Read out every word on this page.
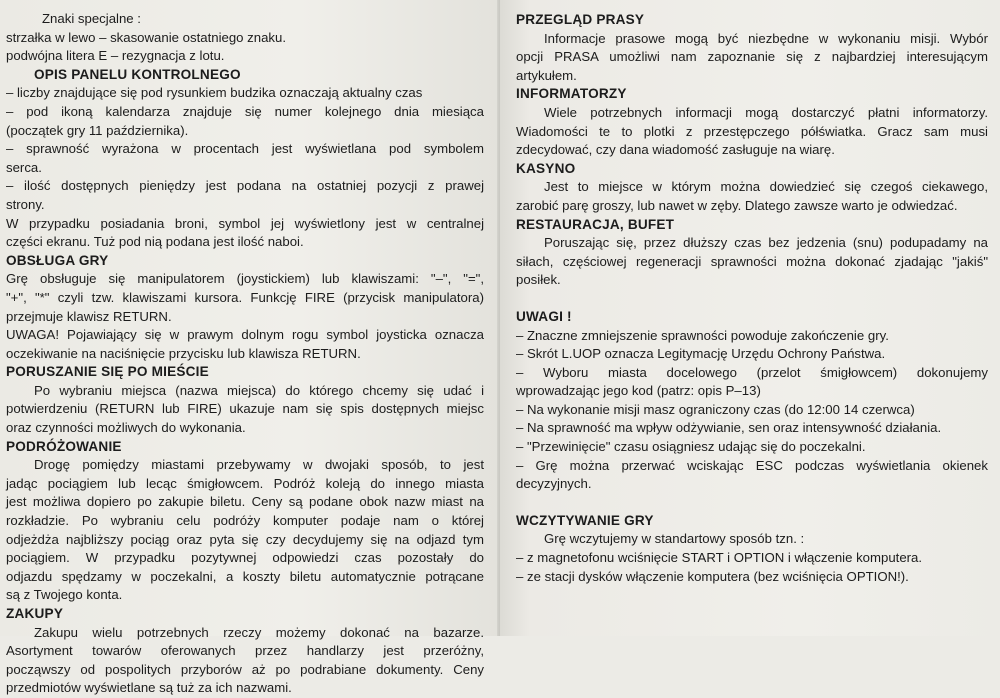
Znaki specjalne :
strzałka w lewo – skasowanie ostatniego znaku.
podwójna litera E – rezygnacja z lotu.
OPIS PANELU KONTROLNEGO
– liczby znajdujące się pod rysunkiem budzika oznaczają aktualny czas
– pod ikoną kalendarza znajduje się numer kolejnego dnia miesiąca
(początek gry 11 października).
– sprawność wyrażona w procentach jest wyświetlana pod symbolem
serca.
– ilość dostępnych pieniędzy jest podana na ostatniej pozycji z prawej
strony.
W przypadku posiadania broni, symbol jej wyświetlony jest w centralnej
części ekranu. Tuż pod nią podana jest ilość naboi.
OBSŁUGA GRY
Grę obsługuje się manipulatorem (joystickiem) lub klawiszami: "–", "=",
"+", "*" czyli tzw. klawiszami kursora. Funkcję FIRE (przycisk manipulatora)
przejmuje klawisz RETURN.
UWAGA! Pojawiający się w prawym dolnym rogu symbol joysticka oznacza
oczekiwanie na naciśnięcie przycisku lub klawisza RETURN.
PORUSZANIE SIĘ PO MIEŚCIE
Po wybraniu miejsca (nazwa miejsca) do którego chcemy się udać i
potwierdzeniu (RETURN lub FIRE) ukazuje nam się spis dostępnych miejsc
oraz czynności możliwych do wykonania.
PODRÓŻOWANIE
Drogę pomiędzy miastami przebywamy w dwojaki sposób, to jest
jadąc pociągiem lub lecąc śmigłowcem. Podróż koleją do innego miasta
jest możliwa dopiero po zakupie biletu. Ceny są podane obok nazw miast na
rozkładzie. Po wybraniu celu podróży komputer podaje nam o której
odjeżdża najbliższy pociąg oraz pyta się czy decydujemy się na odjazd tym
pociągiem. W przypadku pozytywnej odpowiedzi czas pozostały do
odjazdu spędzamy w poczekalni, a koszty biletu automatycznie potrącane
są z Twojego konta.
ZAKUPY
Zakupu wielu potrzebnych rzeczy możemy dokonać na bazarze.
Asortyment towarów oferowanych przez handlarzy jest przeróżny,
począwszy od pospolitych przyborów aż po podrabiane dokumenty. Ceny
przedmiotów wyświetlane są tuż za ich nazwami.
PRZEGLĄD PRASY
Informacje prasowe mogą być niezbędne w wykonaniu misji. Wybór
opcji PRASA umożliwi nam zapoznanie się z najbardziej interesującym
artykułem.
INFORMATORZY
Wiele potrzebnych informacji mogą dostarczyć płatni informatorzy.
Wiadomości te to plotki z przestępczego półświatka. Gracz sam musi
zdecydować, czy dana wiadomość zasługuje na wiarę.
KASYNO
Jest to miejsce w którym można dowiedzieć się czegoś ciekawego,
zarobić parę groszy, lub nawet w zęby. Dlatego zawsze warto je odwiedzać.
RESTAURACJA, BUFET
Poruszając się, przez dłuższy czas bez jedzenia (snu) podupadamy na
siłach, częściowej regeneracji sprawności można dokonać zjadając "jakiś"
posiłek.
UWAGI !
– Znaczne zmniejszenie sprawności powoduje zakończenie gry.
– Skrót L.UOP oznacza Legitymację Urzędu Ochrony Państwa.
– Wyboru miasta docelowego (przelot śmigłowcem) dokonujemy
wprowadzając jego kod (patrz: opis P–13)
– Na wykonanie misji masz ograniczony czas (do 12:00 14 czerwca)
– Na sprawność ma wpływ odżywianie, sen oraz intensywność działania.
– "Przewinięcie" czasu osiągniesz udając się do poczekalni.
– Grę można przerwać wciskając ESC podczas wyświetlania okienek
decyzyjnych.
WCZYTYWANIE GRY
Grę wczytujemy w standartowy sposób tzn. :
– z magnetofonu wciśnięcie START i OPTION i włączenie komputera.
– ze stacji dysków włączenie komputera (bez wciśnięcia OPTION!).
